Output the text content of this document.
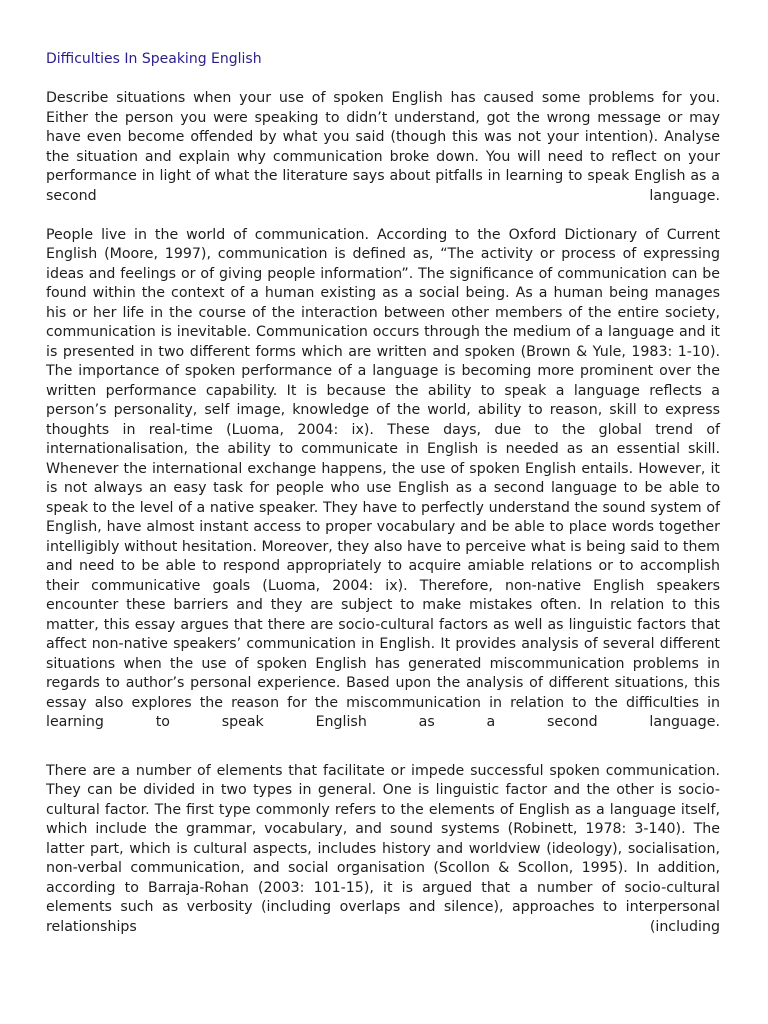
Difficulties In Speaking English

Describe situations when your use of spoken English has caused some problems for you. Either the person you were speaking to didn’t understand, got the wrong message or may have even become offended by what you said (though this was not your intention). Analyse the situation and explain why communication broke down. You will need to reflect on your performance in light of what the literature says about pitfalls in learning to speak English as a second language.

People live in the world of communication. According to the Oxford Dictionary of Current English (Moore, 1997), communication is defined as, “The activity or process of expressing ideas and feelings or of giving people information”. The significance of communication can be found within the context of a human existing as a social being. As a human being manages his or her life in the course of the interaction between other members of the entire society, communication is inevitable. Communication occurs through the medium of a language and it is presented in two different forms which are written and spoken (Brown & Yule, 1983: 1-10). The importance of spoken performance of a language is becoming more prominent over the written performance capability. It is because the ability to speak a language reflects a person’s personality, self image, knowledge of the world, ability to reason, skill to express thoughts in real-time (Luoma, 2004: ix). These days, due to the global trend of internationalisation, the ability to communicate in English is needed as an essential skill. Whenever the international exchange happens, the use of spoken English entails. However, it is not always an easy task for people who use English as a second language to be able to speak to the level of a native speaker. They have to perfectly understand the sound system of English, have almost instant access to proper vocabulary and be able to place words together intelligibly without hesitation. Moreover, they also have to perceive what is being said to them and need to be able to respond appropriately to acquire amiable relations or to accomplish their communicative goals (Luoma, 2004: ix). Therefore, non-native English speakers encounter these barriers and they are subject to make mistakes often. In relation to this matter, this essay argues that there are socio-cultural factors as well as linguistic factors that affect non-native speakers’ communication in English. It provides analysis of several different situations when the use of spoken English has generated miscommunication problems in regards to author’s personal experience. Based upon the analysis of different situations, this essay also explores the reason for the miscommunication in relation to the difficulties in learning to speak English as a second language.

There are a number of elements that facilitate or impede successful spoken communication. They can be divided in two types in general. One is linguistic factor and the other is socio-cultural factor. The first type commonly refers to the elements of English as a language itself, which include the grammar, vocabulary, and sound systems (Robinett, 1978: 3-140). The latter part, which is cultural aspects, includes history and worldview (ideology), socialisation, non-verbal communication, and social organisation (Scollon & Scollon, 1995). In addition, according to Barraja-Rohan (2003: 101-15), it is argued that a number of socio-cultural elements such as verbosity (including overlaps and silence), approaches to interpersonal relationships (including
